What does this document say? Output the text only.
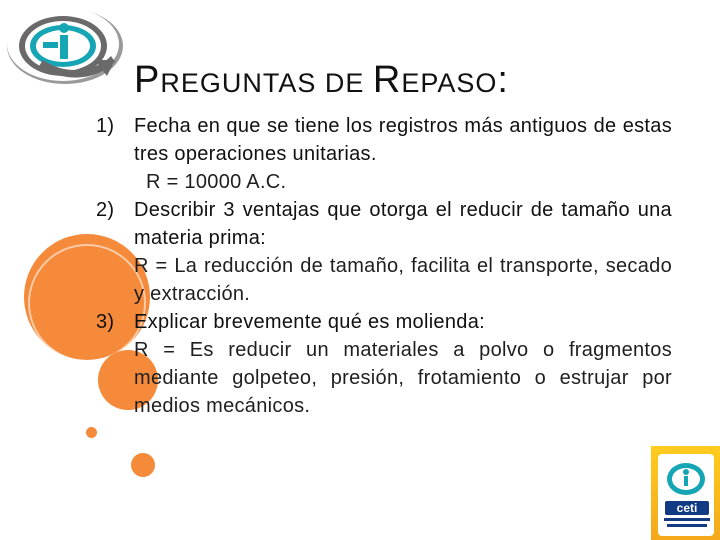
PREGUNTAS DE REPASO:
1) Fecha en que se tiene los registros más antiguos de estas tres operaciones unitarias.

R = 10000 A.C.

2) Describir 3 ventajas que otorga el reducir de tamaño una materia prima:

R = La reducción de tamaño, facilita el transporte, secado y extracción.

3) Explicar brevemente qué es molienda:

R = Es reducir un materiales a polvo o fragmentos mediante golpeteo, presión, frotamiento o estrujar por medios mecánicos.

ceti
